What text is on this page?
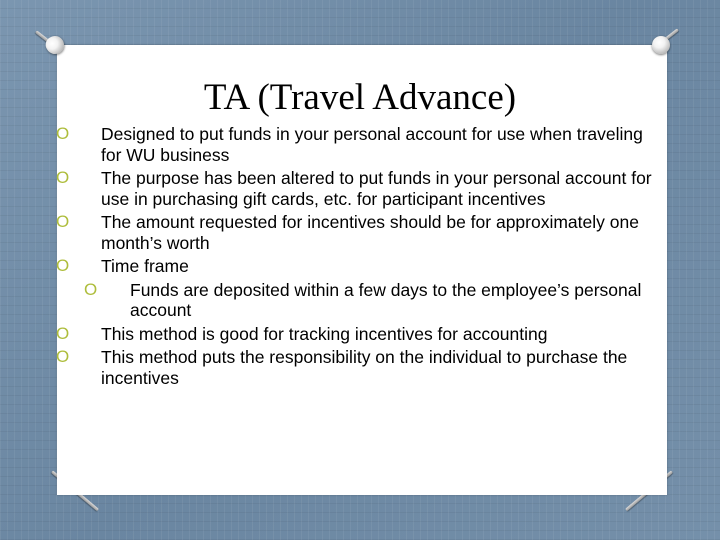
TA (Travel Advance)
O Designed to put funds in your personal account for use when traveling for WU business
O The purpose has been altered to put funds in your personal account for use in purchasing gift cards, etc. for participant incentives
O The amount requested for incentives should be for approximately one month’s worth
O Time frame
O Funds are deposited within a few days to the employee’s personal account
O This method is good for tracking incentives for accounting
O This method puts the responsibility on the individual to purchase the incentives
